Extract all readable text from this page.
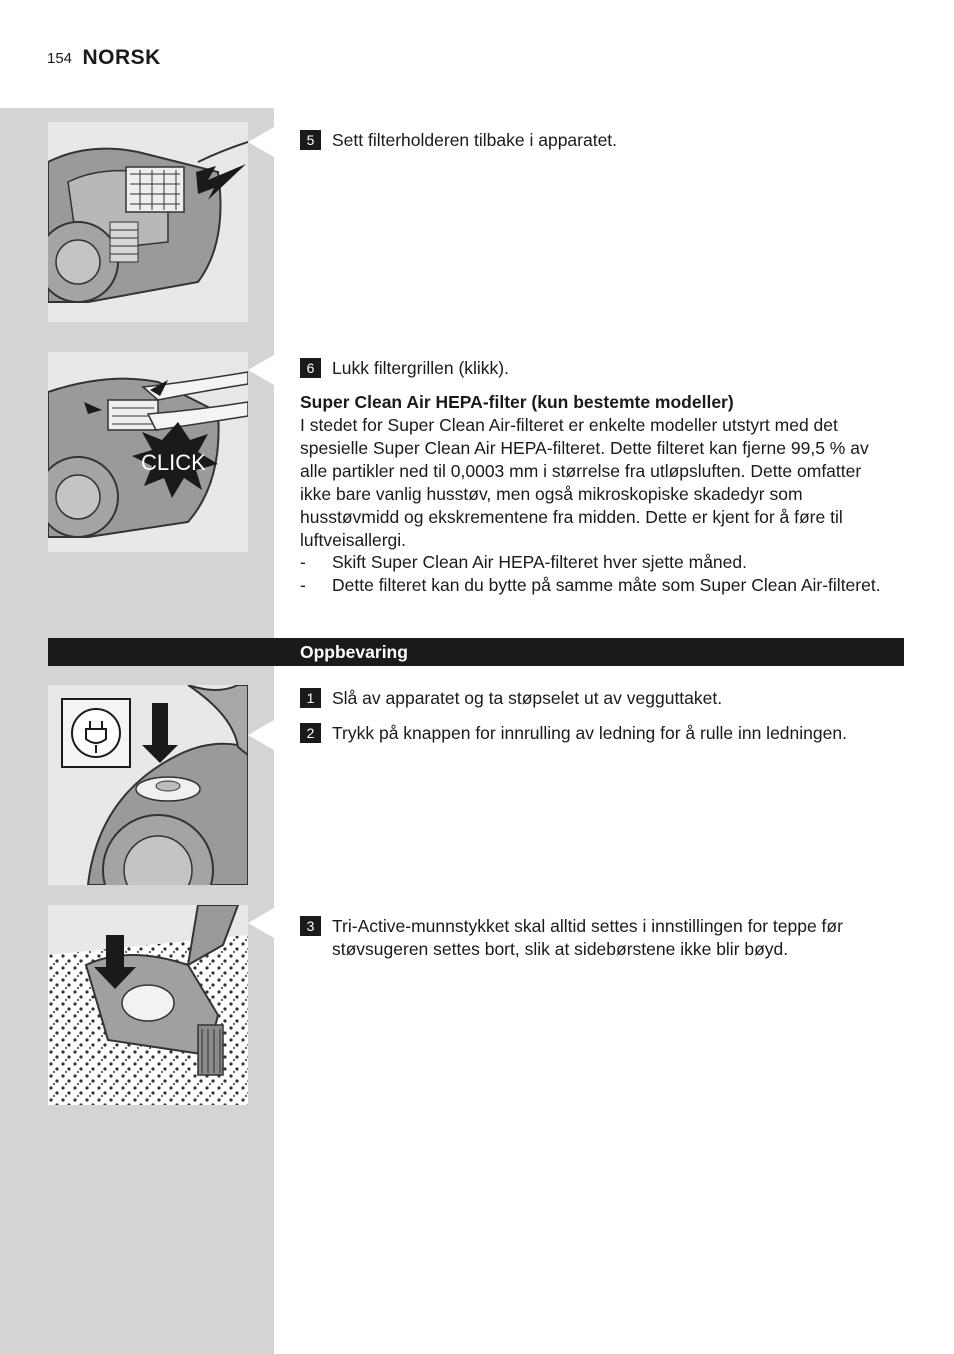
154 NORSK
CLICK
5 Sett filterholderen tilbake i apparatet.
6 Lukk filtergrillen (klikk).
Super Clean Air HEPA-filter (kun bestemte modeller)
I stedet for Super Clean Air-filteret er enkelte modeller utstyrt med det spesielle Super Clean Air HEPA-filteret. Dette filteret kan fjerne 99,5 % av alle partikler ned til 0,0003 mm i størrelse fra utløpsluften. Dette omfatter ikke bare vanlig husstøv, men også mikroskopiske skadedyr som husstøvmidd og ekskrementene fra midden. Dette er kjent for å føre til luftveisallergi.
- Skift Super Clean Air HEPA-filteret hver sjette måned.
- Dette filteret kan du bytte på samme måte som Super Clean Air-filteret.
Oppbevaring
1 Slå av apparatet og ta støpselet ut av vegguttaket.
2 Trykk på knappen for innrulling av ledning for å rulle inn ledningen.
3 Tri-Active-munnstykket skal alltid settes i innstillingen for teppe før støvsugeren settes bort, slik at sidebørstene ikke blir bøyd.
